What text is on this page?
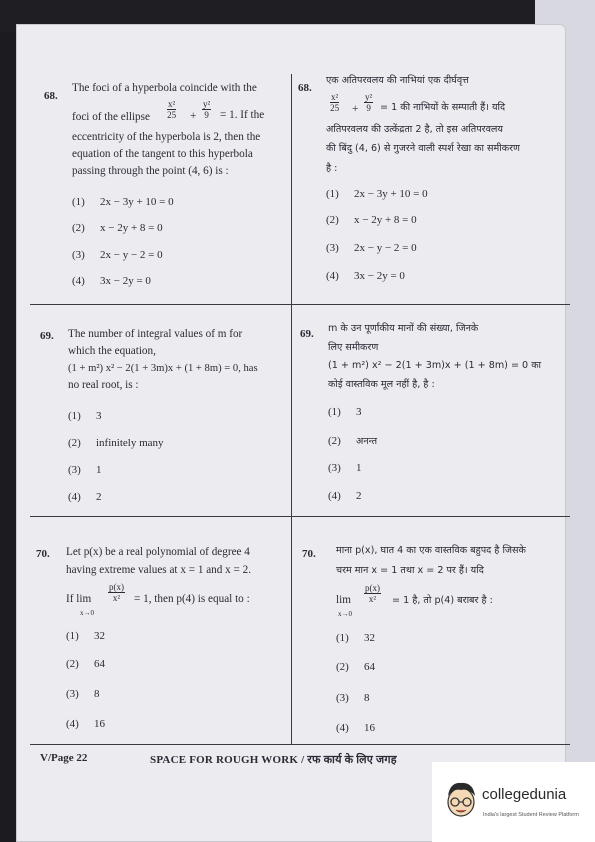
68.
The foci of a hyperbola coincide with the
foci of the ellipse	$\frac{\text{x²}}{25} + \frac{\text{y²}}{9} = 1$. If the
eccentricity of the hyperbola is 2, then the
equation of the tangent to this hyperbola
passing through the point (4, 6) is :
(1) 2x − 3y + 10 = 0
(2) x − 2y + 8 = 0
(3) 2x − y − 2 = 0
(4) 3x − 2y = 0
68.
एक अतिपरवलय की नाभियां एक दीर्घवृत्त
$\frac{\text{x²}}{25} + \frac{\text{y²}}{9} = 1$ की नाभियों के सम्पाती हैं। यदि
अतिपरवलय की उत्केंद्रता 2 है, तो इस अतिपरवलय
की बिंदु (4, 6) से गुजरने वाली स्पर्श रेखा का समीकरण
है :
(1) 2x − 3y + 10 = 0
(2) x − 2y + 8 = 0
(3) 2x − y − 2 = 0
(4) 3x − 2y = 0
69. The number of integral values of m for
which the equation,
(1 + m²) x² − 2(1 + 3m)x + (1 + 8m) = 0, has
no real root, is :
(1) 3
(2) infinitely many
(3) 1
(4) 2
69. m के उन पूर्णांकीय मानों की संख्या, जिनके
लिए समीकरण
(1 + m²) x² − 2(1 + 3m)x + (1 + 8m) = 0 का
कोई वास्तविक मूल नहीं है, है :
(1) 3
(2) अनन्त
(3) 1
(4) 2
70. Let p(x) be a real polynomial of degree 4
having extreme values at x = 1 and x = 2.
If lim
x→0
$\frac{p(x)}{\text{x²}} = 1$, then p(4) is equal to :
(1) 32
(2) 64
(3) 8
(4) 16
70. माना p(x), घात 4 का एक वास्तविक बहुपद है जिसके
चरम मान x = 1 तथा x = 2 पर हैं। यदि
lim
x→0
$\frac{p(x)}{\text{x²}} = 1$ है, तो p(4) बराबर है :
(1) 32
(2) 64
(3) 8
(4) 16
V/Page 22	SPACE FOR ROUGH WORK / रफ कार्य के लिए जगह
collegedunia
India's largest Student Review Platform
